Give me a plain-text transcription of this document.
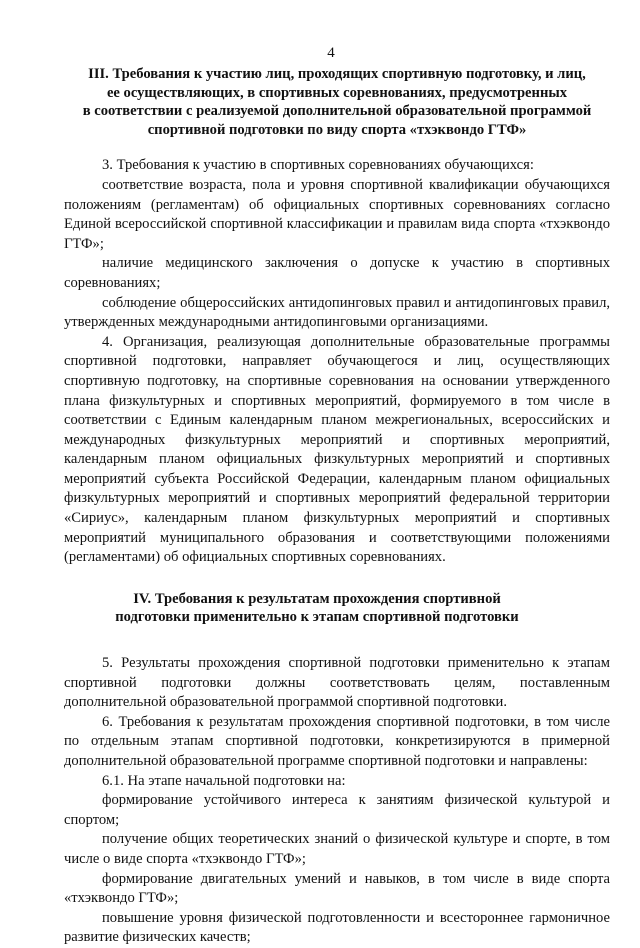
4
III. Требования к участию лиц, проходящих спортивную подготовку, и лиц,
ее осуществляющих, в спортивных соревнованиях, предусмотренных
в соответствии с реализуемой дополнительной образовательной программой
спортивной подготовки по виду спорта «тхэквондо ГТФ»

3. Требования к участию в спортивных соревнованиях обучающихся:

соответствие возраста, пола и уровня спортивной квалификации обучающихся положениям (регламентам) об официальных спортивных соревнованиях согласно Единой всероссийской спортивной классификации и правилам вида спорта «тхэквондо ГТФ»;

наличие медицинского заключения о допуске к участию в спортивных соревнованиях;

соблюдение общероссийских антидопинговых правил и антидопинговых правил, утвержденных международными антидопинговыми организациями.

4. Организация, реализующая дополнительные образовательные программы спортивной подготовки, направляет обучающегося и лиц, осуществляющих спортивную подготовку, на спортивные соревнования на основании утвержденного плана физкультурных и спортивных мероприятий, формируемого в том числе в соответствии с Единым календарным планом межрегиональных, всероссийских и международных физкультурных мероприятий и спортивных мероприятий, календарным планом официальных физкультурных мероприятий и спортивных мероприятий субъекта Российской Федерации, календарным планом официальных физкультурных мероприятий и спортивных мероприятий федеральной территории «Сириус», календарным планом физкультурных мероприятий и спортивных мероприятий муниципального образования и соответствующими положениями (регламентами) об официальных спортивных соревнованиях.

IV. Требования к результатам прохождения спортивной
подготовки применительно к этапам спортивной подготовки

5. Результаты прохождения спортивной подготовки применительно к этапам спортивной подготовки должны соответствовать целям, поставленным дополнительной образовательной программой спортивной подготовки.

6. Требования к результатам прохождения спортивной подготовки, в том числе по отдельным этапам спортивной подготовки, конкретизируются в примерной дополнительной образовательной программе спортивной подготовки и направлены:

6.1. На этапе начальной подготовки на:

формирование устойчивого интереса к занятиям физической культурой и спортом;

получение общих теоретических знаний о физической культуре и спорте, в том числе о виде спорта «тхэквондо ГТФ»;

формирование двигательных умений и навыков, в том числе в виде спорта «тхэквондо ГТФ»;

повышение уровня физической подготовленности и всестороннее гармоничное развитие физических качеств;
